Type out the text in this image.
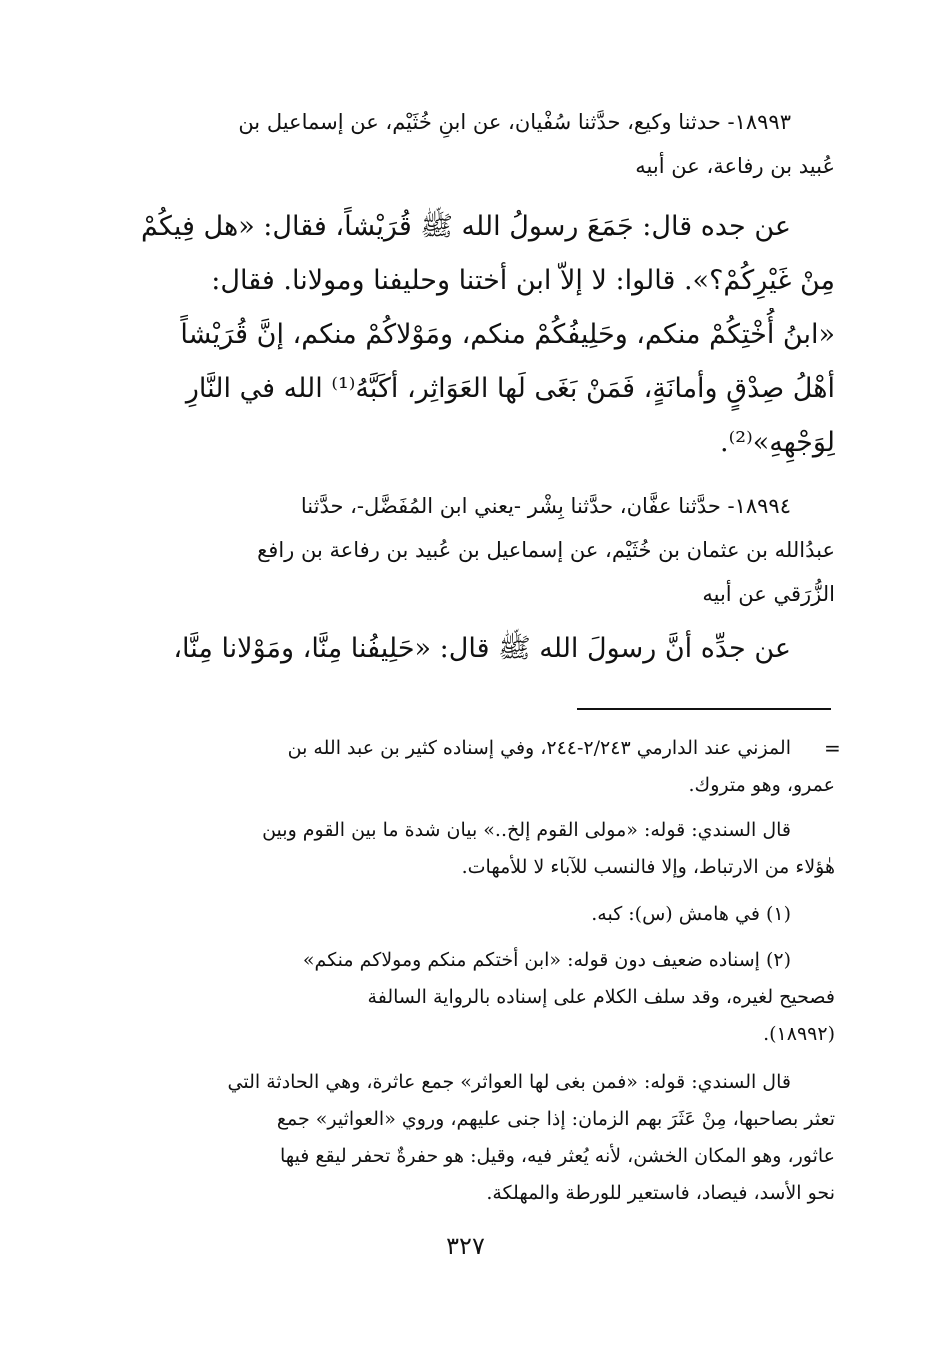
١٨٩٩٣- حدثنا وكيع، حدَّثنا سُفْيان، عن ابنِ خُثَيْم، عن إسماعيل بن
عُبيد بن رفاعة، عن أبيه
عن جده قال: جَمَعَ رسولُ الله ﷺ قُرَيْشاً، فقال: «هل فِيكُمْ
مِنْ غَيْرِكُمْ؟». قالوا: لا إلاّ ابن أختنا وحليفنا ومولانا. فقال:
«ابنُ أُخْتِكُمْ منكم، وحَلِيفُكُمْ منكم، ومَوْلاكُمْ منكم، إنَّ قُرَيْشاً
أهْلُ صِدْقٍ وأمانَةٍ، فَمَنْ بَغَى لَها العَوَاثِر، أكَبَّهُ⁽¹⁾ الله في النَّارِ
لِوَجْهِهِ»⁽²⁾.
١٨٩٩٤- حدَّثنا عفَّان، حدَّثنا بِشْر -يعني ابن المُفَضَّل-، حدَّثنا
عبدُالله بن عثمان بن خُثَيْم، عن إسماعيل بن عُبيد بن رفاعة بن رافع
الزُّرَقي عن أبيه
عن جدِّه أنَّ رسولَ الله ﷺ قال: «حَلِيفُنا مِنَّا، ومَوْلانا مِنَّا،
=
المزني عند الدارمي ٢/٢٤٣-٢٤٤، وفي إسناده كثير بن عبد الله بن
عمرو، وهو متروك.
قال السندي: قوله: «مولى القوم إلخ..» بيان شدة ما بين القوم وبين
هٰؤلاء من الارتباط، وإلا فالنسب للآباء لا للأمهات.
(١) في هامش (س): كبه.
(٢) إسناده ضعيف دون قوله: «ابن أختكم منكم ومولاكم منكم»
فصحيح لغيره، وقد سلف الكلام على إسناده بالرواية السالفة
(١٨٩٩٢).
قال السندي: قوله: «فمن بغى لها العواثر» جمع عاثرة، وهي الحادثة التي
تعثر بصاحبها، مِنْ عَثَرَ بهم الزمان: إذا جنى عليهم، وروي «العواثير» جمع
عاثور، وهو المكان الخشن، لأنه يُعثر فيه، وقيل: هو حفرةٌ تحفر ليقع فيها
نحو الأسد، فيصاد، فاستعير للورطة والمهلكة.
٣٢٧
